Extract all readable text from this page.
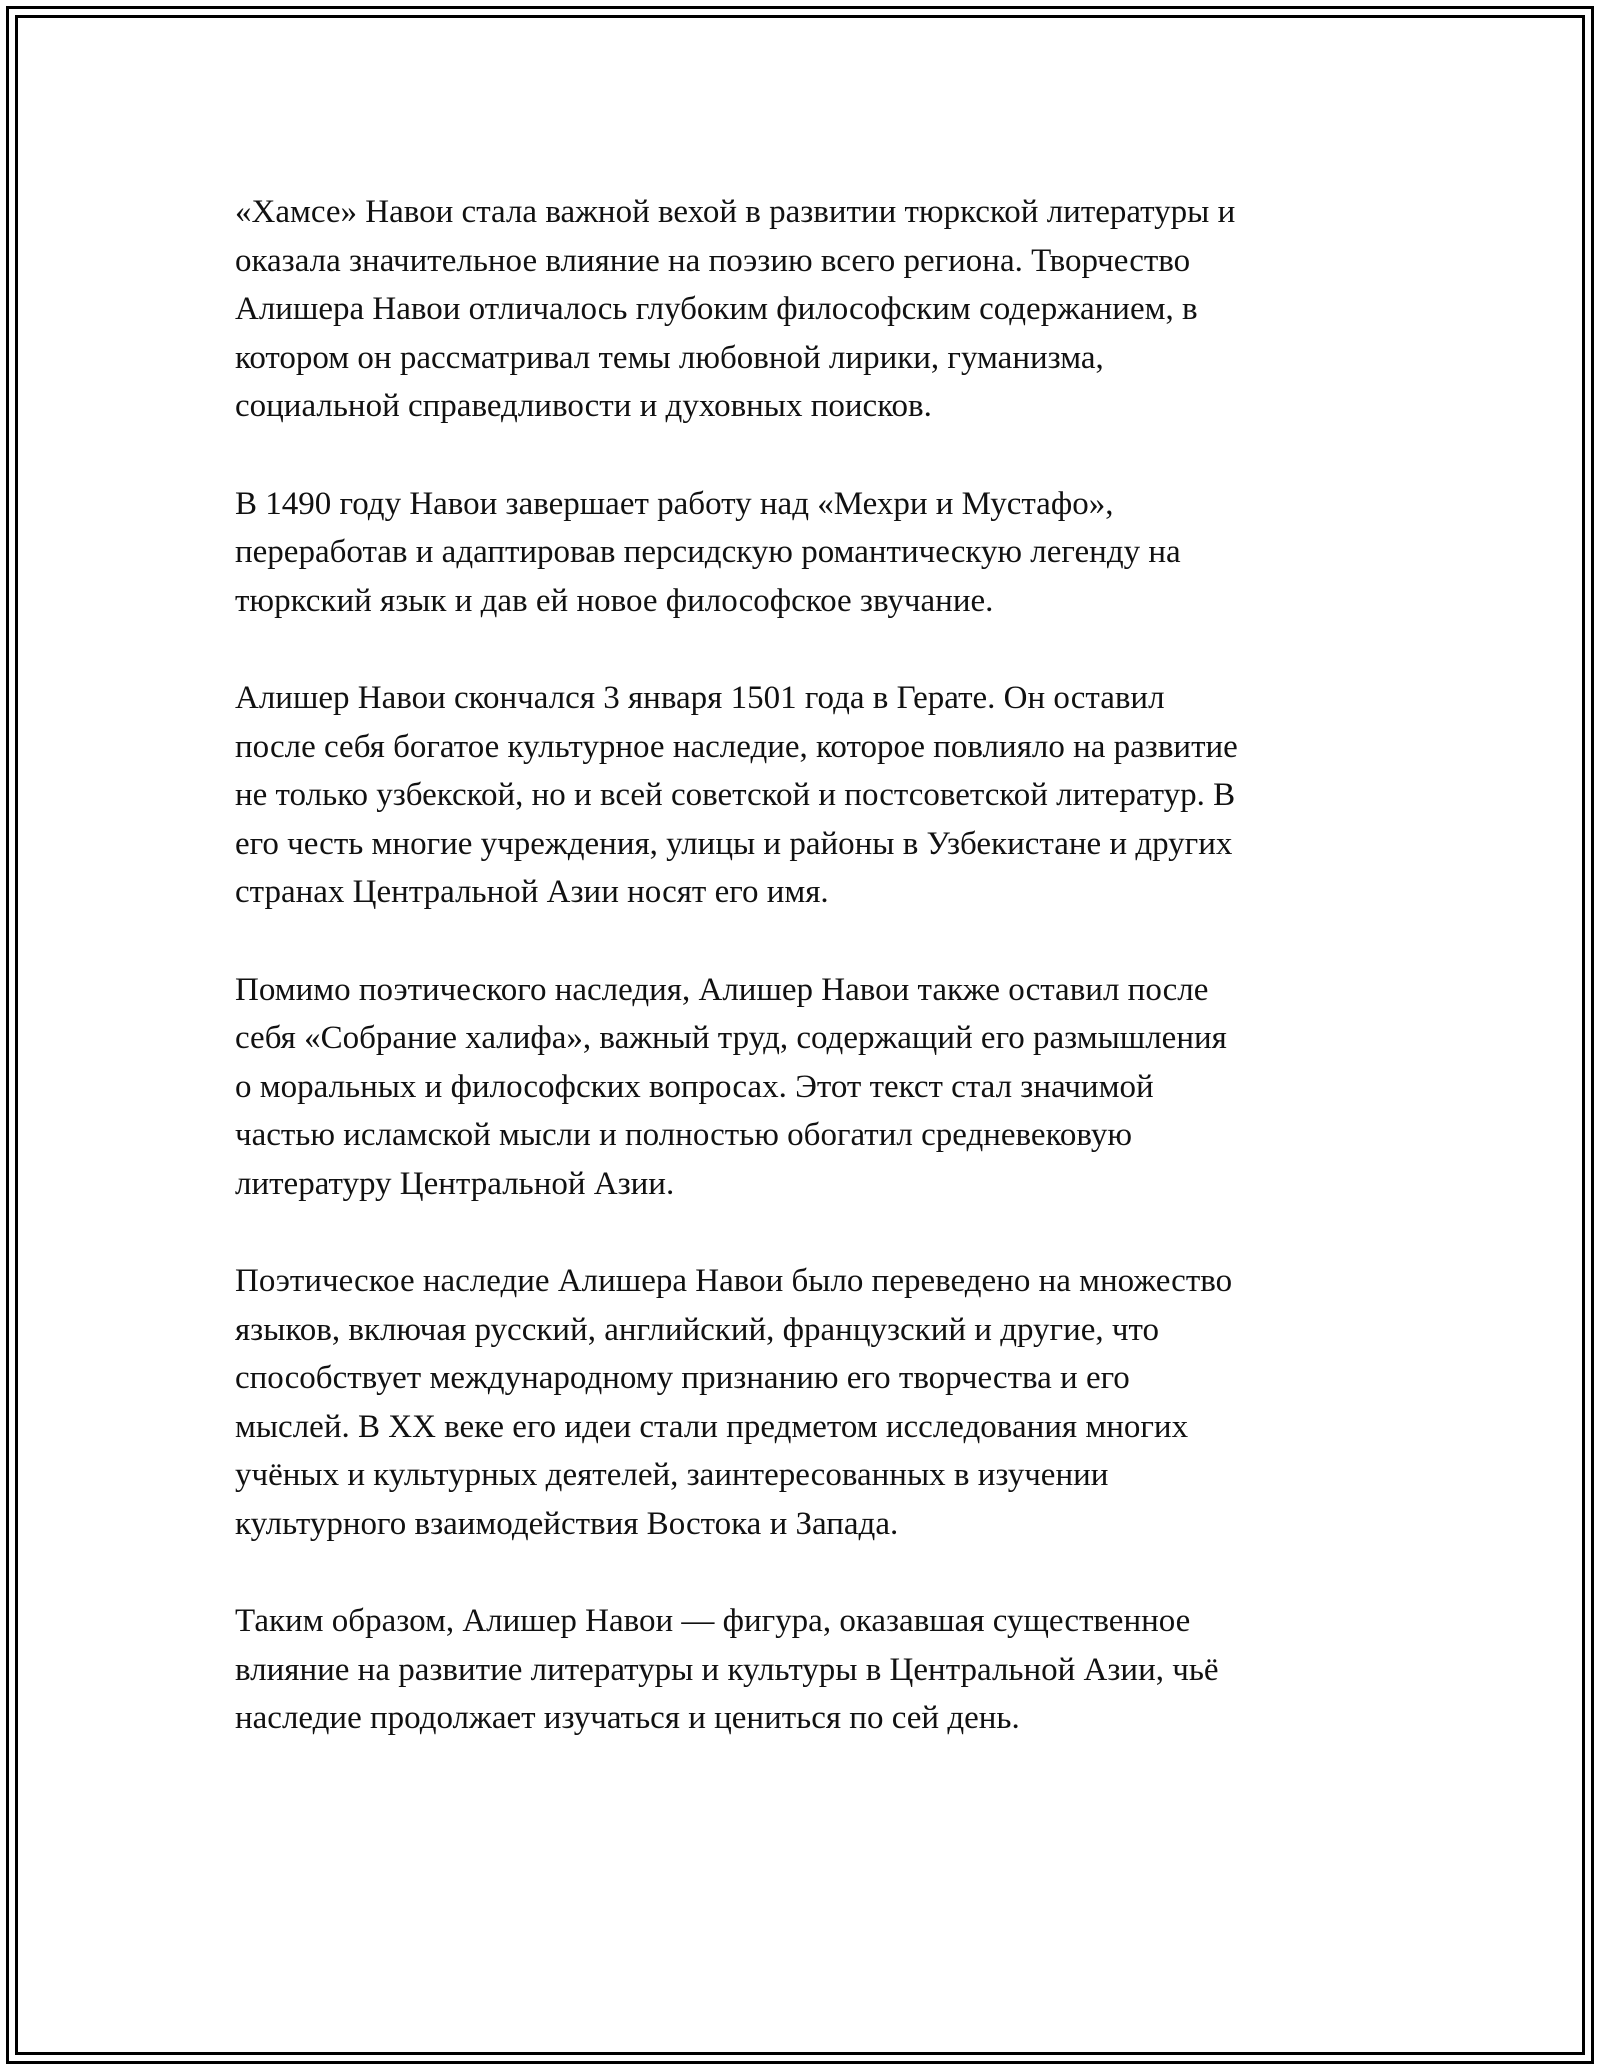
«Хамсе» Навои стала важной вехой в развитии тюркской литературы и
оказала значительное влияние на поэзию всего региона. Творчество
Алишера Навои отличалось глубоким философским содержанием, в
котором он рассматривал темы любовной лирики, гуманизма,
социальной справедливости и духовных поисков.

В 1490 году Навои завершает работу над «Мехри и Мустафо»,
переработав и адаптировав персидскую романтическую легенду на
тюркский язык и дав ей новое философское звучание.

Алишер Навои скончался 3 января 1501 года в Герате. Он оставил
после себя богатое культурное наследие, которое повлияло на развитие
не только узбекской, но и всей советской и постсоветской литератур. В
его честь многие учреждения, улицы и районы в Узбекистане и других
странах Центральной Азии носят его имя.

Помимо поэтического наследия, Алишер Навои также оставил после
себя «Собрание халифа», важный труд, содержащий его размышления
о моральных и философских вопросах. Этот текст стал значимой
частью исламской мысли и полностью обогатил средневековую
литературу Центральной Азии.

Поэтическое наследие Алишера Навои было переведено на множество
языков, включая русский, английский, французский и другие, что
способствует международному признанию его творчества и его
мыслей. В XX веке его идеи стали предметом исследования многих
учёных и культурных деятелей, заинтересованных в изучении
культурного взаимодействия Востока и Запада.

Таким образом, Алишер Навои — фигура, оказавшая существенное
влияние на развитие литературы и культуры в Центральной Азии, чьё
наследие продолжает изучаться и цениться по сей день.
